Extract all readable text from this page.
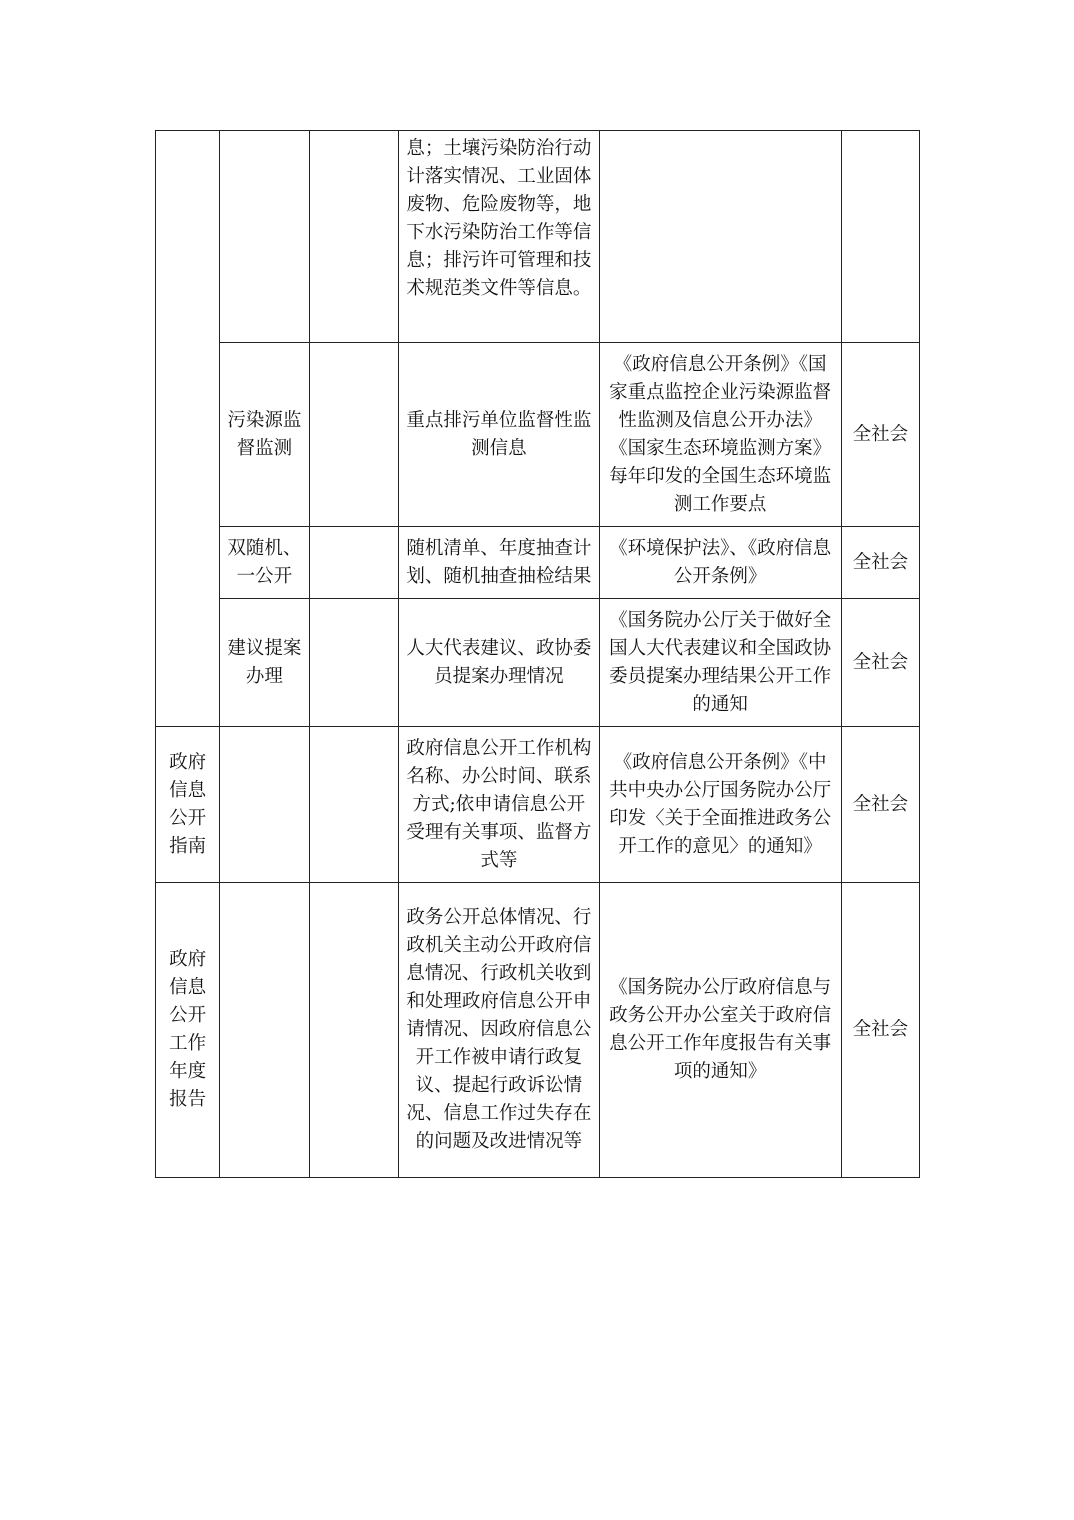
			息；土壤污染防治行动计落实情况、工业固体废物、危险废物等，地下水污染防治工作等信息；排污许可管理和技术规范类文件等信息。		
	污染源监督监测		重点排污单位监督性监测信息	《政府信息公开条例》《国家重点监控企业污染源监督性监测及信息公开办法》《国家生态环境监测方案》每年印发的全国生态环境监测工作要点	全社会
	双随机、一公开		随机清单、年度抽查计划、随机抽查抽检结果	《环境保护法》、《政府信息公开条例》	全社会
	建议提案办理		人大代表建议、政协委员提案办理情况	《国务院办公厅关于做好全国人大代表建议和全国政协委员提案办理结果公开工作的通知	全社会
政府信息公开指南			政府信息公开工作机构名称、办公时间、联系方式;依申请信息公开受理有关事项、监督方式等	《政府信息公开条例》《中共中央办公厅国务院办公厅印发〈关于全面推进政务公开工作的意见〉的通知》	全社会
政府信息公开工作年度报告			政务公开总体情况、行政机关主动公开政府信息情况、行政机关收到和处理政府信息公开申请情况、因政府信息公开工作被申请行政复议、提起行政诉讼情况、信息工作过失存在的问题及改进情况等	《国务院办公厅政府信息与政务公开办公室关于政府信息公开工作年度报告有关事项的通知》	全社会
